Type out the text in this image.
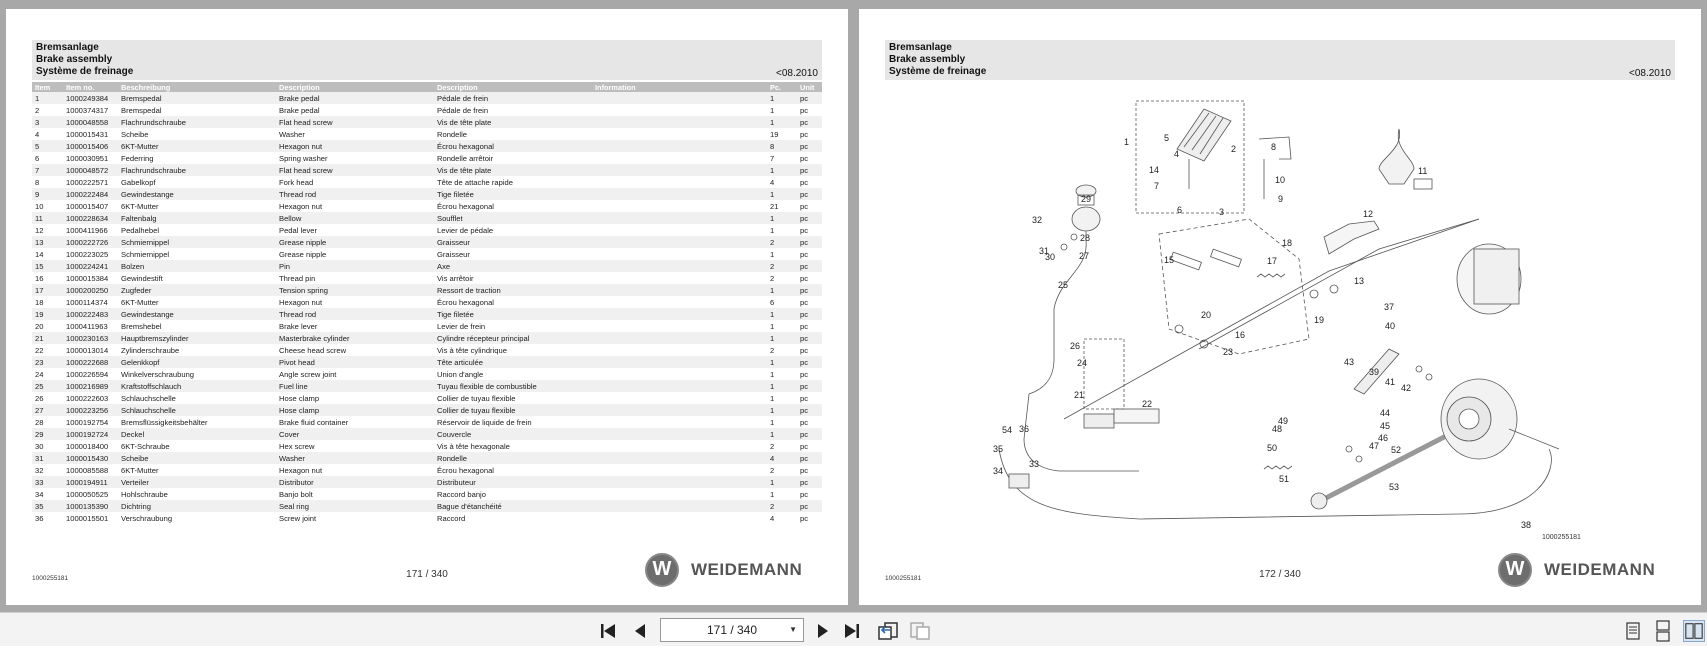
Bremsanlage
Brake assembly
Système de freinage	<08.2010
Item	Item no.	Beschreibung	Description	Description	Information	Pc.	Unit
1	1000249384	Bremspedal	Brake pedal	Pédale de frein		1	pc
2	1000374317	Bremspedal	Brake pedal	Pédale de frein		1	pc
3	1000048558	Flachrundschraube	Flat head screw	Vis de tête plate		1	pc
4	1000015431	Scheibe	Washer	Rondelle		19	pc
5	1000015406	6KT-Mutter	Hexagon nut	Écrou hexagonal		8	pc
6	1000030951	Federring	Spring washer	Rondelle arrêtoir		7	pc
7	1000048572	Flachrundschraube	Flat head screw	Vis de tête plate		1	pc
8	1000222571	Gabelkopf	Fork head	Tête de attache rapide		4	pc
9	1000222484	Gewindestange	Thread rod	Tige filetée		1	pc
10	1000015407	6KT-Mutter	Hexagon nut	Écrou hexagonal		21	pc
11	1000228634	Faltenbalg	Bellow	Soufflet		1	pc
12	1000411966	Pedalhebel	Pedal lever	Levier de pédale		1	pc
13	1000222726	Schmiernippel	Grease nipple	Graisseur		2	pc
14	1000223025	Schmiernippel	Grease nipple	Graisseur		1	pc
15	1000224241	Bolzen	Pin	Axe		2	pc
16	1000015384	Gewindestift	Thread pin	Vis arrêtoir		2	pc
17	1000200250	Zugfeder	Tension spring	Ressort de traction		1	pc
18	1000114374	6KT-Mutter	Hexagon nut	Écrou hexagonal		6	pc
19	1000222483	Gewindestange	Thread rod	Tige filetée		1	pc
20	1000411963	Bremshebel	Brake lever	Levier de frein		1	pc
21	1000230163	Hauptbremszylinder	Masterbrake cylinder	Cylindre récepteur principal		1	pc
22	1000013014	Zylinderschraube	Cheese head screw	Vis à tête cylindrique		2	pc
23	1000222688	Gelenkkopf	Pivot head	Tête articulée		1	pc
24	1000226594	Winkelverschraubung	Angle screw joint	Union d'angle		1	pc
25	1000216989	Kraftstoffschlauch	Fuel line	Tuyau flexible de combustible		1	pc
26	1000222603	Schlauchschelle	Hose clamp	Collier de tuyau flexible		1	pc
27	1000223256	Schlauchschelle	Hose clamp	Collier de tuyau flexible		1	pc
28	1000192754	Bremsflüssigkeitsbehälter	Brake fluid container	Réservoir de liquide de frein		1	pc
29	1000192724	Deckel	Cover	Couvercle		1	pc
30	1000018400	6KT-Schraube	Hex screw	Vis à tête hexagonale		2	pc
31	1000015430	Scheibe	Washer	Rondelle		4	pc
32	1000085588	6KT-Mutter	Hexagon nut	Écrou hexagonal		2	pc
33	1000194911	Verteiler	Distributor	Distributeur		1	pc
34	1000050525	Hohlschraube	Banjo bolt	Raccord banjo		1	pc
35	1000135390	Dichtring	Seal ring	Bague d'étanchéité		2	pc
36	1000015501	Verschraubung	Screw joint	Raccord		4	pc
1000255181	171 / 340	W	WEIDEMANN
Bremsanlage
Brake assembly
Système de freinage	<08.2010
1
2
3
4
5
6
7
8
9
10
11
12
13
14
15
16
17
18
19
20
21
22
23
24
25
26
27
28
29
30
31
32
33
34
35
36
37
38
39
40
41
42
43
44
45
46
47
48
49
50
51
52
53
54
1000255181
1000255181	172 / 340	W	WEIDEMANN
171 / 340	▼
